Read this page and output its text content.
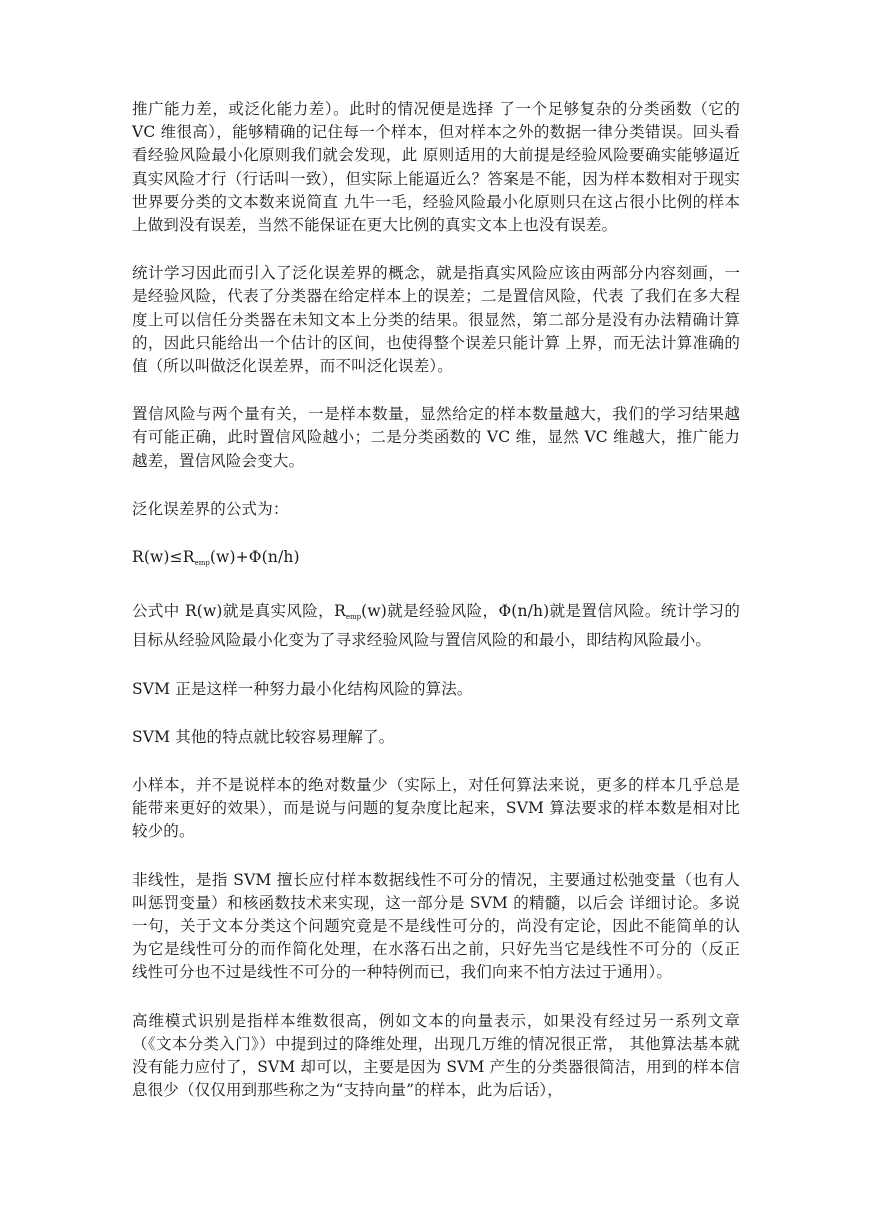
推广能力差，或泛化能力差）。此时的情况便是选择 了一个足够复杂的分类函数（它的 VC 维很高），能够精确的记住每一个样本，但对样本之外的数据一律分类错误。回头看看经验风险最小化原则我们就会发现，此 原则适用的大前提是经验风险要确实能够逼近真实风险才行（行话叫一致），但实际上能逼近么？答案是不能，因为样本数相对于现实世界要分类的文本数来说简直 九牛一毛，经验风险最小化原则只在这占很小比例的样本上做到没有误差，当然不能保证在更大比例的真实文本上也没有误差。

统计学习因此而引入了泛化误差界的概念，就是指真实风险应该由两部分内容刻画，一是经验风险，代表了分类器在给定样本上的误差；二是置信风险，代表 了我们在多大程度上可以信任分类器在未知文本上分类的结果。很显然，第二部分是没有办法精确计算的，因此只能给出一个估计的区间，也使得整个误差只能计算 上界，而无法计算准确的值（所以叫做泛化误差界，而不叫泛化误差）。

置信风险与两个量有关，一是样本数量，显然给定的样本数量越大，我们的学习结果越有可能正确，此时置信风险越小；二是分类函数的 VC 维，显然 VC 维越大，推广能力越差，置信风险会变大。

泛化误差界的公式为：

$R(w)\le R_{emp}(w)+\Phi(n/h)$

公式中 R(w)就是真实风险，$R_{emp}(w)$就是经验风险，Φ(n/h)就是置信风险。统计学习的目标从经验风险最小化变为了寻求经验风险与置信风险的和最小，即结构风险最小。

SVM 正是这样一种努力最小化结构风险的算法。

SVM 其他的特点就比较容易理解了。

小样本，并不是说样本的绝对数量少（实际上，对任何算法来说，更多的样本几乎总是能带来更好的效果），而是说与问题的复杂度比起来，SVM 算法要求的样本数是相对比较少的。

非线性，是指 SVM 擅长应付样本数据线性不可分的情况，主要通过松弛变量（也有人叫惩罚变量）和核函数技术来实现，这一部分是 SVM 的精髓，以后会 详细讨论。多说一句，关于文本分类这个问题究竟是不是线性可分的，尚没有定论，因此不能简单的认为它是线性可分的而作简化处理，在水落石出之前，只好先当它是线性不可分的（反正线性可分也不过是线性不可分的一种特例而已，我们向来不怕方法过于通用）。

高维模式识别是指样本维数很高，例如文本的向量表示，如果没有经过另一系列文章（《文本分类入门》）中提到过的降维处理，出现几万维的情况很正常， 其他算法基本就没有能力应付了，SVM 却可以，主要是因为 SVM 产生的分类器很简洁，用到的样本信息很少（仅仅用到那些称之为“支持向量”的样本，此为后话），
